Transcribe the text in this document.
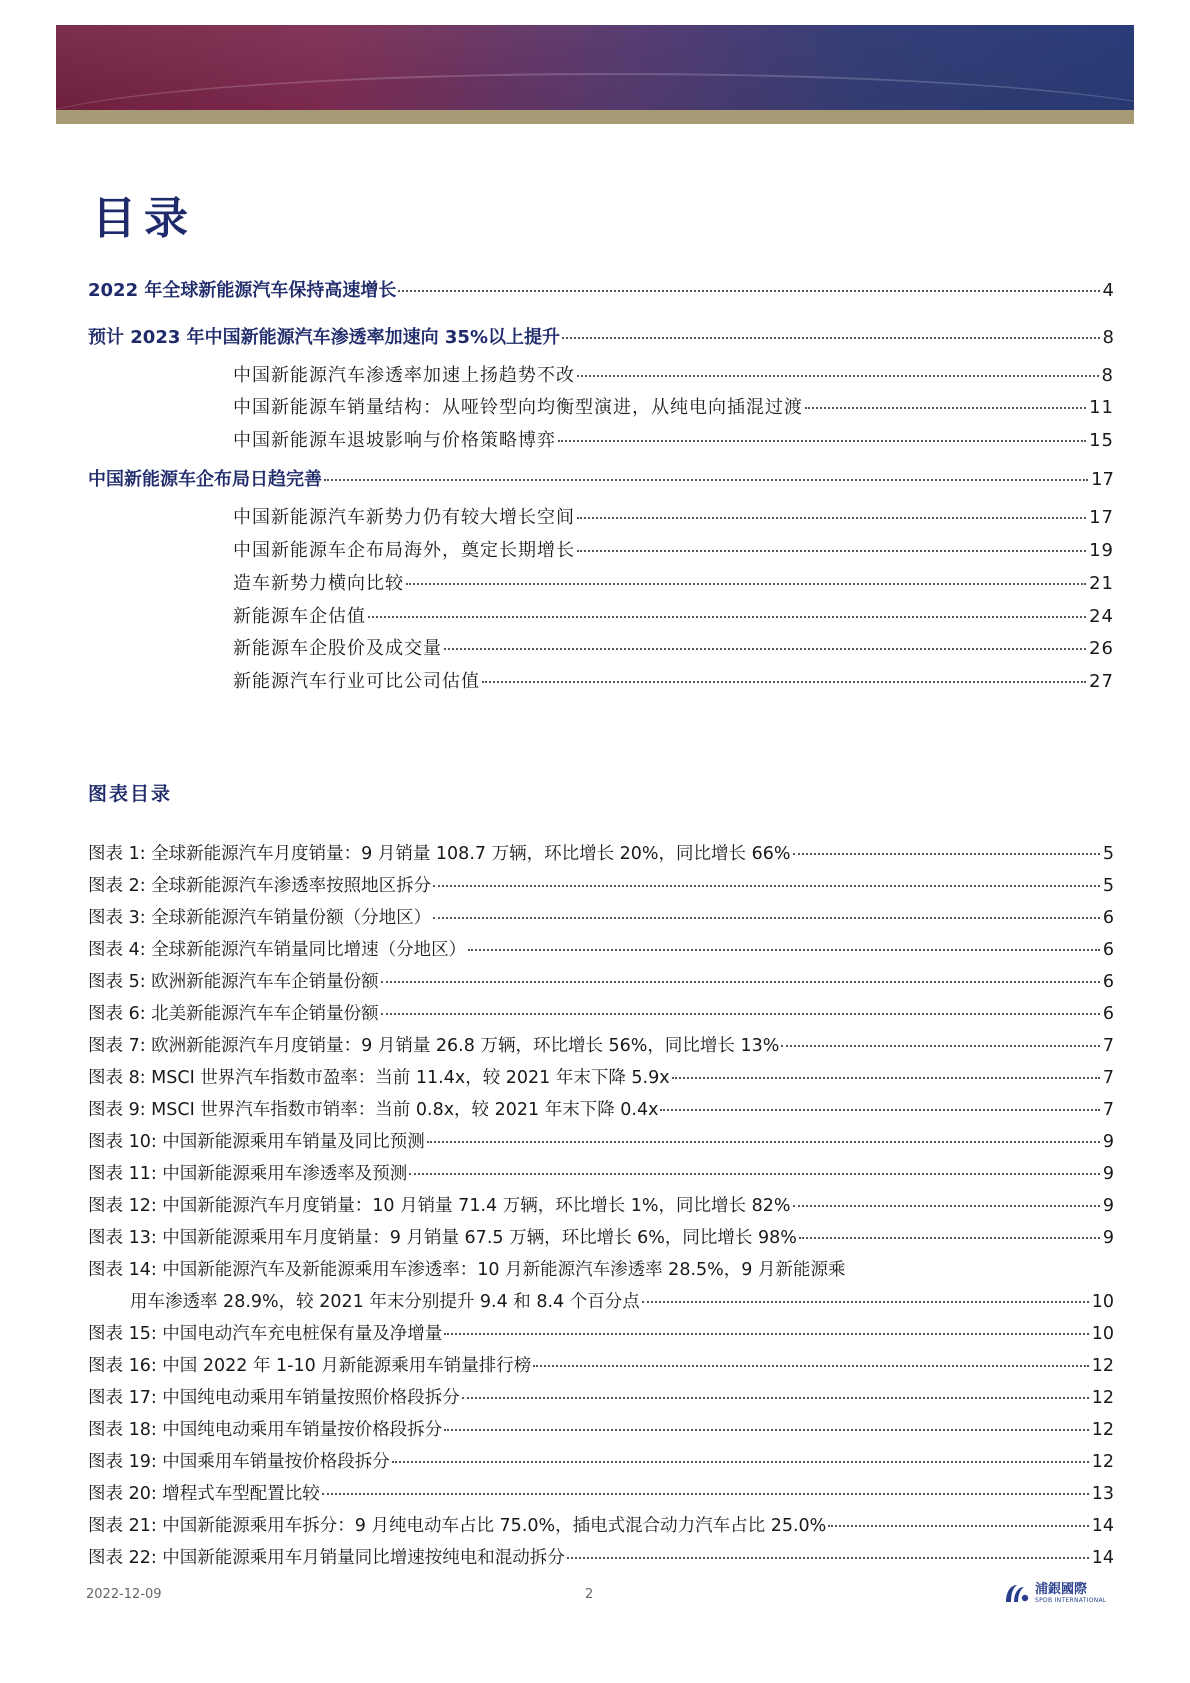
目录
2022 年全球新能源汽车保持高速增长	4
预计 2023 年中国新能源汽车渗透率加速向 35%以上提升	8
中国新能源汽车渗透率加速上扬趋势不改	8
中国新能源车销量结构：从哑铃型向均衡型演进，从纯电向插混过渡	11
中国新能源车退坡影响与价格策略博弈	15
中国新能源车企布局日趋完善	17
中国新能源汽车新势力仍有较大增长空间	17
中国新能源车企布局海外，奠定长期增长	19
造车新势力横向比较	21
新能源车企估值	24
新能源车企股价及成交量	26
新能源汽车行业可比公司估值	27
图表目录
图表 1: 全球新能源汽车月度销量：9 月销量 108.7 万辆，环比增长 20%，同比增长 66%	5
图表 2: 全球新能源汽车渗透率按照地区拆分	5
图表 3: 全球新能源汽车销量份额（分地区）	6
图表 4: 全球新能源汽车销量同比增速（分地区）	6
图表 5: 欧洲新能源汽车车企销量份额	6
图表 6: 北美新能源汽车车企销量份额	6
图表 7: 欧洲新能源汽车月度销量：9 月销量 26.8 万辆，环比增长 56%，同比增长 13%	7
图表 8: MSCI 世界汽车指数市盈率：当前 11.4x，较 2021 年末下降 5.9x	7
图表 9: MSCI 世界汽车指数市销率：当前 0.8x，较 2021 年末下降 0.4x	7
图表 10: 中国新能源乘用车销量及同比预测	9
图表 11: 中国新能源乘用车渗透率及预测	9
图表 12: 中国新能源汽车月度销量：10 月销量 71.4 万辆，环比增长 1%，同比增长 82%	9
图表 13: 中国新能源乘用车月度销量：9 月销量 67.5 万辆，环比增长 6%，同比增长 98%	9
图表 14: 中国新能源汽车及新能源乘用车渗透率：10 月新能源汽车渗透率 28.5%，9 月新能源乘
用车渗透率 28.9%，较 2021 年末分别提升 9.4 和 8.4 个百分点	10
图表 15: 中国电动汽车充电桩保有量及净增量	10
图表 16: 中国 2022 年 1-10 月新能源乘用车销量排行榜	12
图表 17: 中国纯电动乘用车销量按照价格段拆分	12
图表 18: 中国纯电动乘用车销量按价格段拆分	12
图表 19: 中国乘用车销量按价格段拆分	12
图表 20: 增程式车型配置比较	13
图表 21: 中国新能源乘用车拆分：9 月纯电动车占比 75.0%，插电式混合动力汽车占比 25.0%	14
图表 22: 中国新能源乘用车月销量同比增速按纯电和混动拆分	14
2022-12-09	2	浦銀國際
SPDB INTERNATIONAL
